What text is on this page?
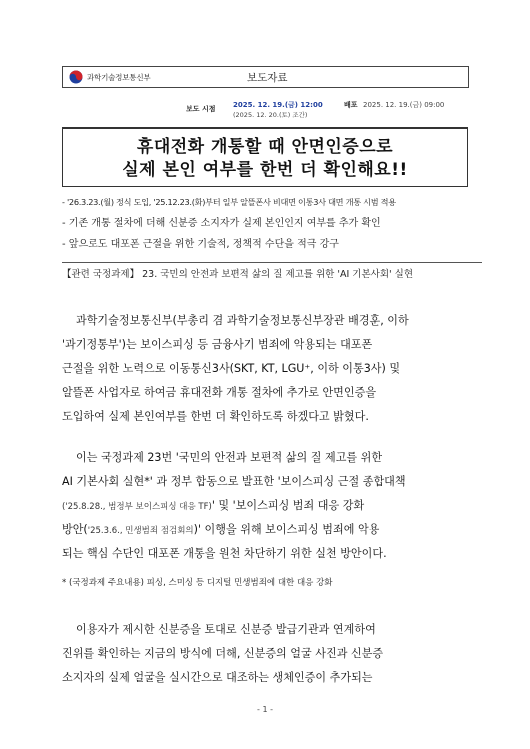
과학기술정보통신부	보도자료
보도 시점	2025. 12. 19.(금) 12:00
(2025. 12. 20.(토) 조간)
배포 2025. 12. 19.(금) 09:00
휴대전화 개통할 때 안면인증으로
실제 본인 여부를 한번 더 확인해요!!
- '26.3.23.(월) 정식 도입, '25.12.23.(화)부터 일부 알뜰폰사 비대면 이통3사 대면 개통 시범 적용
- 기존 개통 절차에 더해 신분증 소지자가 실제 본인인지 여부를 추가 확인
- 앞으로도 대포폰 근절을 위한 기술적, 정책적 수단을 적극 강구
【관련 국정과제】 23. 국민의 안전과 보편적 삶의 질 제고를 위한 'AI 기본사회' 실현
과학기술정보통신부(부총리 겸 과학기술정보통신부장관 배경훈, 이하
'과기정통부')는 보이스피싱 등 금융사기 범죄에 악용되는 대포폰
근절을 위한 노력으로 이동통신3사(SKT, KT, LGU⁺, 이하 이통3사) 및
알뜰폰 사업자로 하여금 휴대전화 개통 절차에 추가로 안면인증을
도입하여 실제 본인여부를 한번 더 확인하도록 하겠다고 밝혔다.
이는 국정과제 23번 '국민의 안전과 보편적 삶의 질 제고를 위한
AI 기본사회 실현*' 과 정부 합동으로 발표한 '보이스피싱 근절 종합대책
('25.8.28., 범정부 보이스피싱 대응 TF)' 및 '보이스피싱 범죄 대응 강화
방안('25.3.6., 민생범죄 점검회의)' 이행을 위해 보이스피싱 범죄에 악용
되는 핵심 수단인 대포폰 개통을 원천 차단하기 위한 실천 방안이다.
* (국정과제 주요내용) 피싱, 스미싱 등 디지털 민생범죄에 대한 대응 강화
이용자가 제시한 신분증을 토대로 신분증 발급기관과 연계하여
진위를 확인하는 지금의 방식에 더해, 신분증의 얼굴 사진과 신분증
소지자의 실제 얼굴을 실시간으로 대조하는 생체인증이 추가되는
- 1 -
